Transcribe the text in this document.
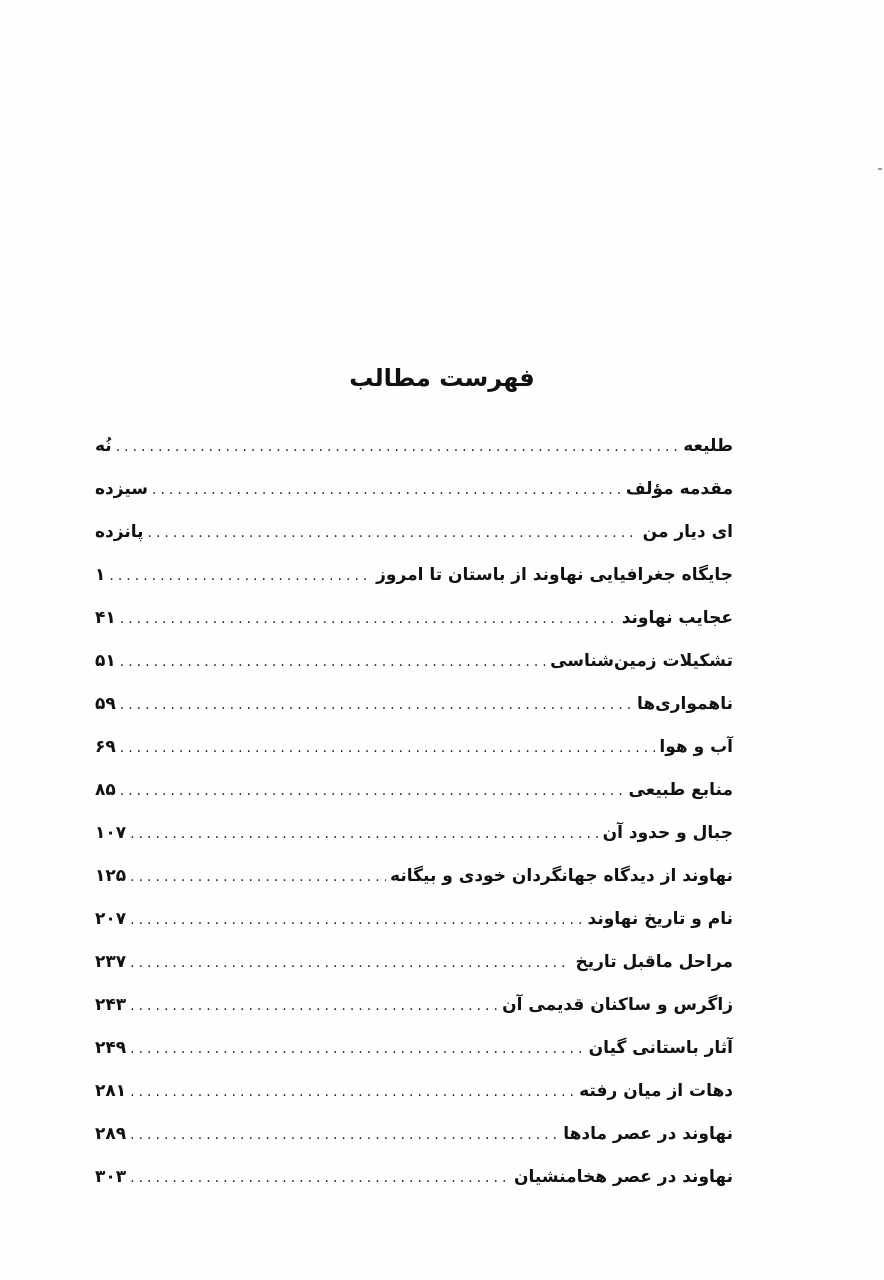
فهرست مطالب
طلیعه
.....
نُه
مقدمه مؤلف
.....
سیزده
ای دیار من
.....
پانزده
جایگاه جغرافیایی نهاوند از باستان تا امروز
.....
۱
عجایب نهاوند
.....
۴۱
تشکیلات زمین‌شناسی
.....
۵۱
ناهمواری‌ها
.....
۵۹
آب و هوا
.....
۶۹
منابع طبیعی
.....
۸۵
جبال و حدود آن
.....
۱۰۷
نهاوند از دیدگاه جهانگردان خودی و بیگانه
.....
۱۲۵
نام و تاریخ نهاوند
.....
۲۰۷
مراحل ماقبل تاریخ
.....
۲۳۷
زاگرس و ساکنان قدیمی آن
.....
۲۴۳
آثار باستانی گیان
.....
۲۴۹
دهات از میان رفته
.....
۲۸۱
نهاوند در عصر مادها
.....
۲۸۹
نهاوند در عصر هخامنشیان
.....
۳۰۳
